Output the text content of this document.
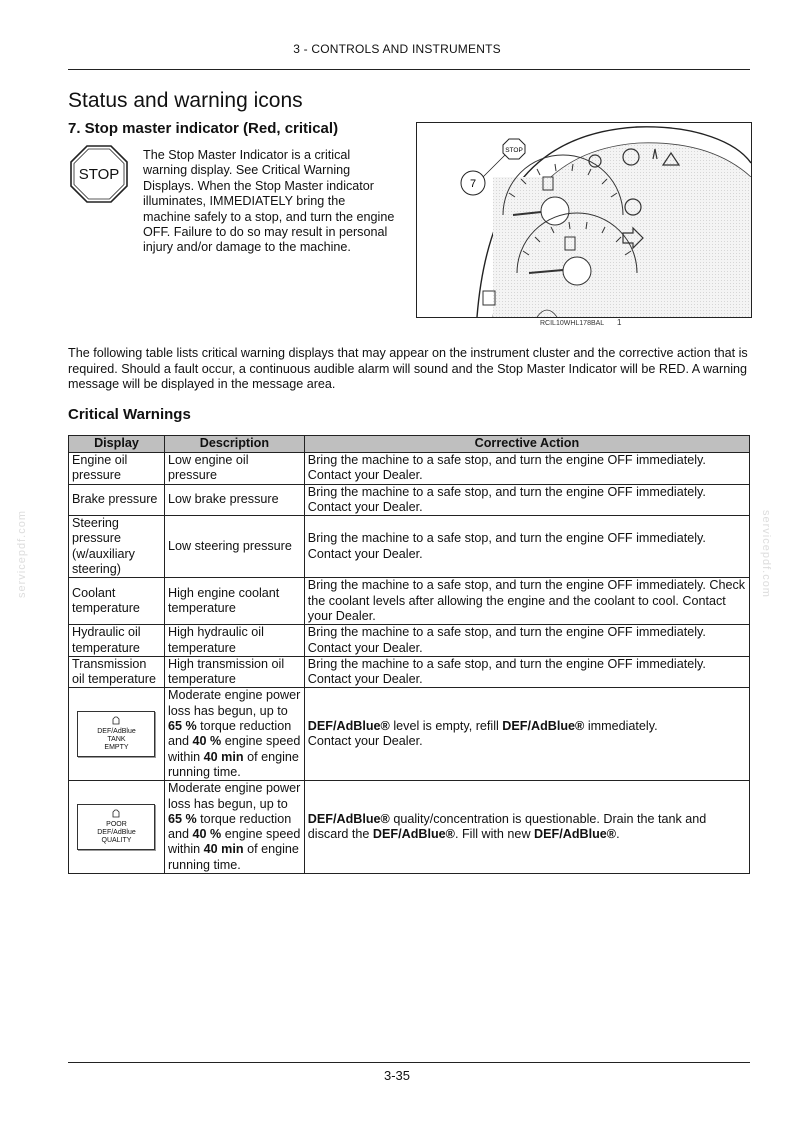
3 - CONTROLS AND INSTRUMENTS
Status and warning icons
7. Stop master indicator (Red, critical)
STOP
The Stop Master Indicator is a critical warning display. See Critical Warning Displays. When the Stop Master indicator illuminates, IMMEDIATELY bring the machine safely to a stop, and turn the engine OFF. Failure to do so may result in personal injury and/or damage to the machine.
STOP
7
RCIL10WHL178BAL 1
The following table lists critical warning displays that may appear on the instrument cluster and the corrective action that is required. Should a fault occur, a continuous audible alarm will sound and the Stop Master Indicator will be RED. A warning message will be displayed in the message area.
Critical Warnings
Display	Description	Corrective Action
Engine oil pressure	Low engine oil pressure	Bring the machine to a safe stop, and turn the engine OFF immediately. Contact your Dealer.
Brake pressure	Low brake pressure	Bring the machine to a safe stop, and turn the engine OFF immediately. Contact your Dealer.
Steering pressure (w/auxiliary steering)	Low steering pressure	Bring the machine to a safe stop, and turn the engine OFF immediately. Contact your Dealer.
Coolant temperature	High engine coolant temperature	Bring the machine to a safe stop, and turn the engine OFF immediately. Check the coolant levels after allowing the engine and the coolant to cool. Contact your Dealer.
Hydraulic oil temperature	High hydraulic oil temperature	Bring the machine to a safe stop, and turn the engine OFF immediately. Contact your Dealer.
Transmission oil temperature	High transmission oil temperature	Bring the machine to a safe stop, and turn the engine OFF immediately. Contact your Dealer.

DEF/AdBlue
TANK
EMPTY	Moderate engine power loss has begun, up to 65 % torque reduction and 40 % engine speed within 40 min of engine running time.	DEF/AdBlue® level is empty, refill DEF/AdBlue® immediately.
Contact your Dealer.

POOR
DEF/AdBlue
QUALITY	Moderate engine power loss has begun, up to 65 % torque reduction and 40 % engine speed within 40 min of engine running time.	DEF/AdBlue® quality/concentration is questionable. Drain the tank and discard the DEF/AdBlue®. Fill with new DEF/AdBlue®.
servicepdf.com	servicepdf.com
3-35
